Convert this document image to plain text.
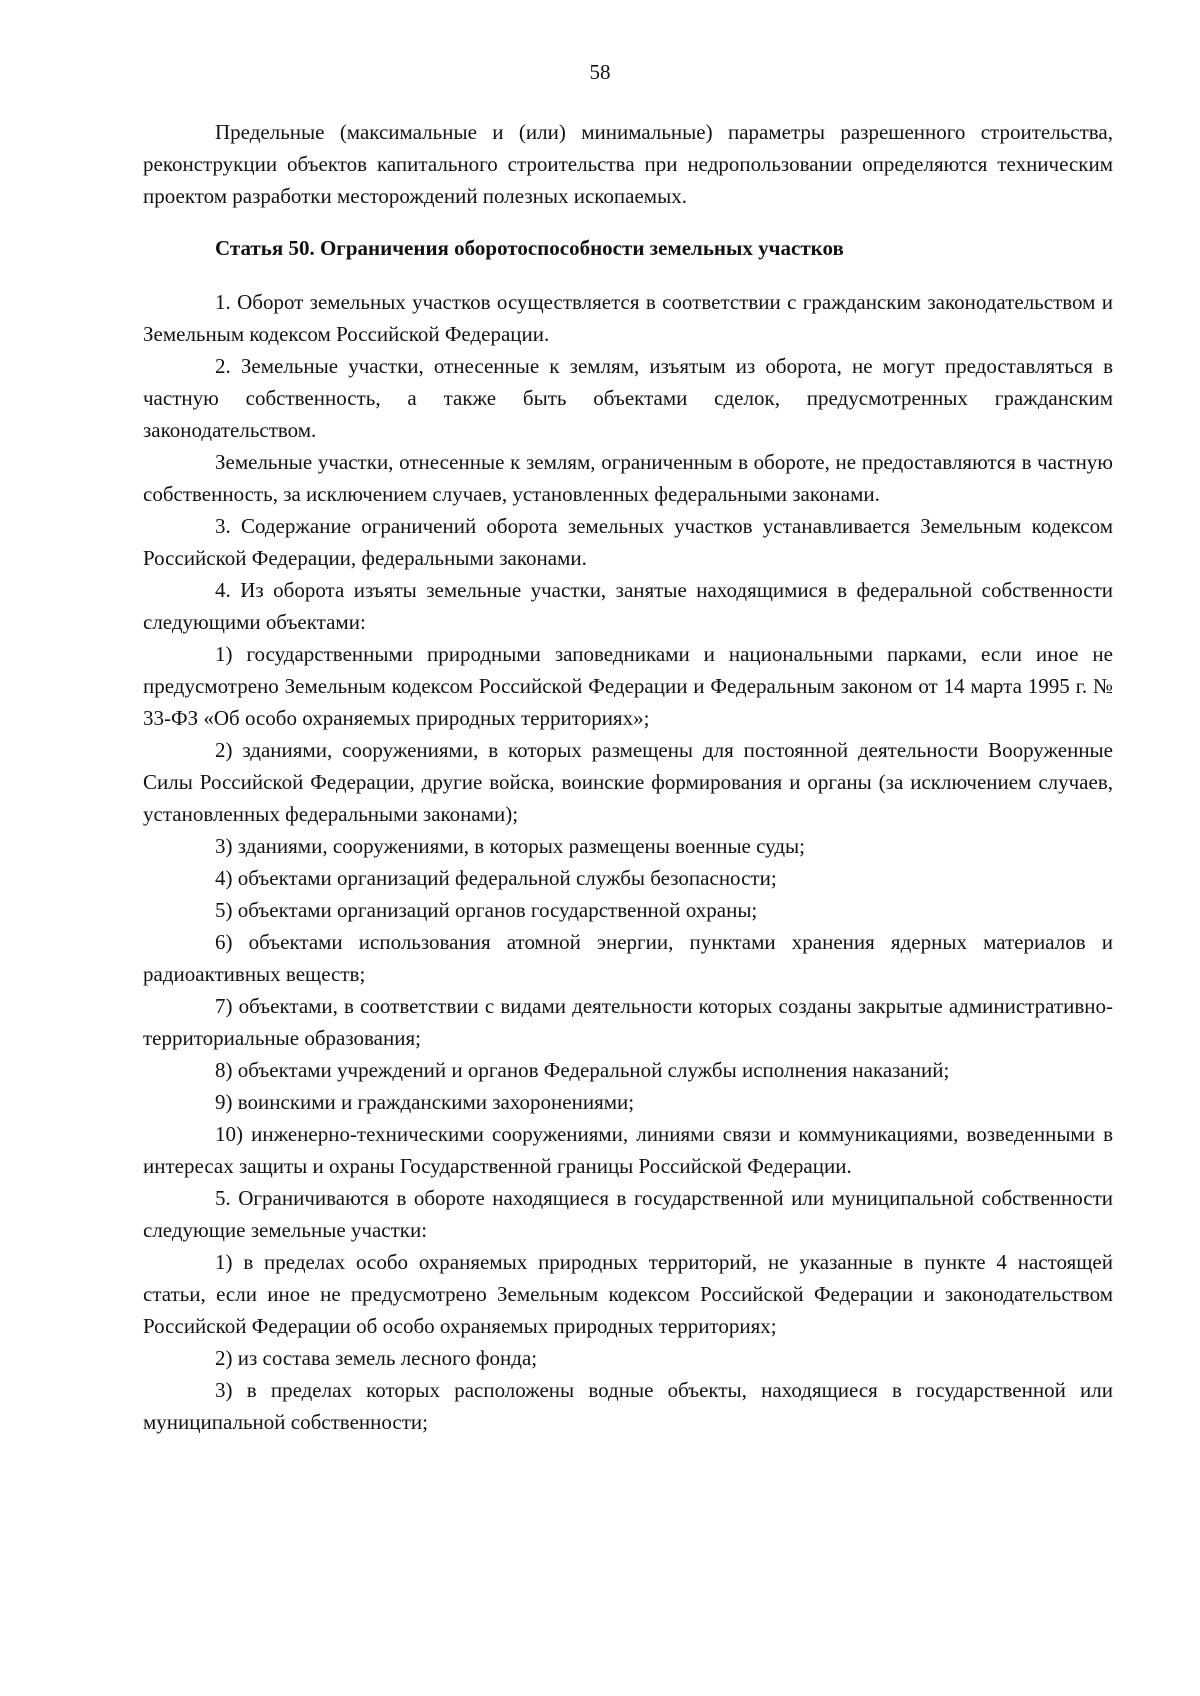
58

Предельные (максимальные и (или) минимальные) параметры разрешенного строительства, реконструкции объектов капитального строительства при недропользовании определяются техническим проектом разработки месторождений полезных ископаемых.

Статья 50. Ограничения оборотоспособности земельных участков

1. Оборот земельных участков осуществляется в соответствии с гражданским законодательством и Земельным кодексом Российской Федерации.

2. Земельные участки, отнесенные к землям, изъятым из оборота, не могут предоставляться в частную собственность, а также быть объектами сделок, предусмотренных гражданским законодательством.

Земельные участки, отнесенные к землям, ограниченным в обороте, не предоставляются в частную собственность, за исключением случаев, установленных федеральными законами.

3. Содержание ограничений оборота земельных участков устанавливается Земельным кодексом Российской Федерации, федеральными законами.

4. Из оборота изъяты земельные участки, занятые находящимися в федеральной собственности следующими объектами:

1) государственными природными заповедниками и национальными парками, если иное не предусмотрено Земельным кодексом Российской Федерации и Федеральным законом от 14 марта 1995 г. № 33-ФЗ «Об особо охраняемых природных территориях»;

2) зданиями, сооружениями, в которых размещены для постоянной деятельности Вооруженные Силы Российской Федерации, другие войска, воинские формирования и органы (за исключением случаев, установленных федеральными законами);

3) зданиями, сооружениями, в которых размещены военные суды;

4) объектами организаций федеральной службы безопасности;

5) объектами организаций органов государственной охраны;

6) объектами использования атомной энергии, пунктами хранения ядерных материалов и радиоактивных веществ;

7) объектами, в соответствии с видами деятельности которых созданы закрытые административно-территориальные образования;

8) объектами учреждений и органов Федеральной службы исполнения наказаний;

9) воинскими и гражданскими захоронениями;

10) инженерно-техническими сооружениями, линиями связи и коммуникациями, возведенными в интересах защиты и охраны Государственной границы Российской Федерации.

5. Ограничиваются в обороте находящиеся в государственной или муниципальной собственности следующие земельные участки:

1) в пределах особо охраняемых природных территорий, не указанные в пункте 4 настоящей статьи, если иное не предусмотрено Земельным кодексом Российской Федерации и законодательством Российской Федерации об особо охраняемых природных территориях;

2) из состава земель лесного фонда;

3) в пределах которых расположены водные объекты, находящиеся в государственной или муниципальной собственности;
